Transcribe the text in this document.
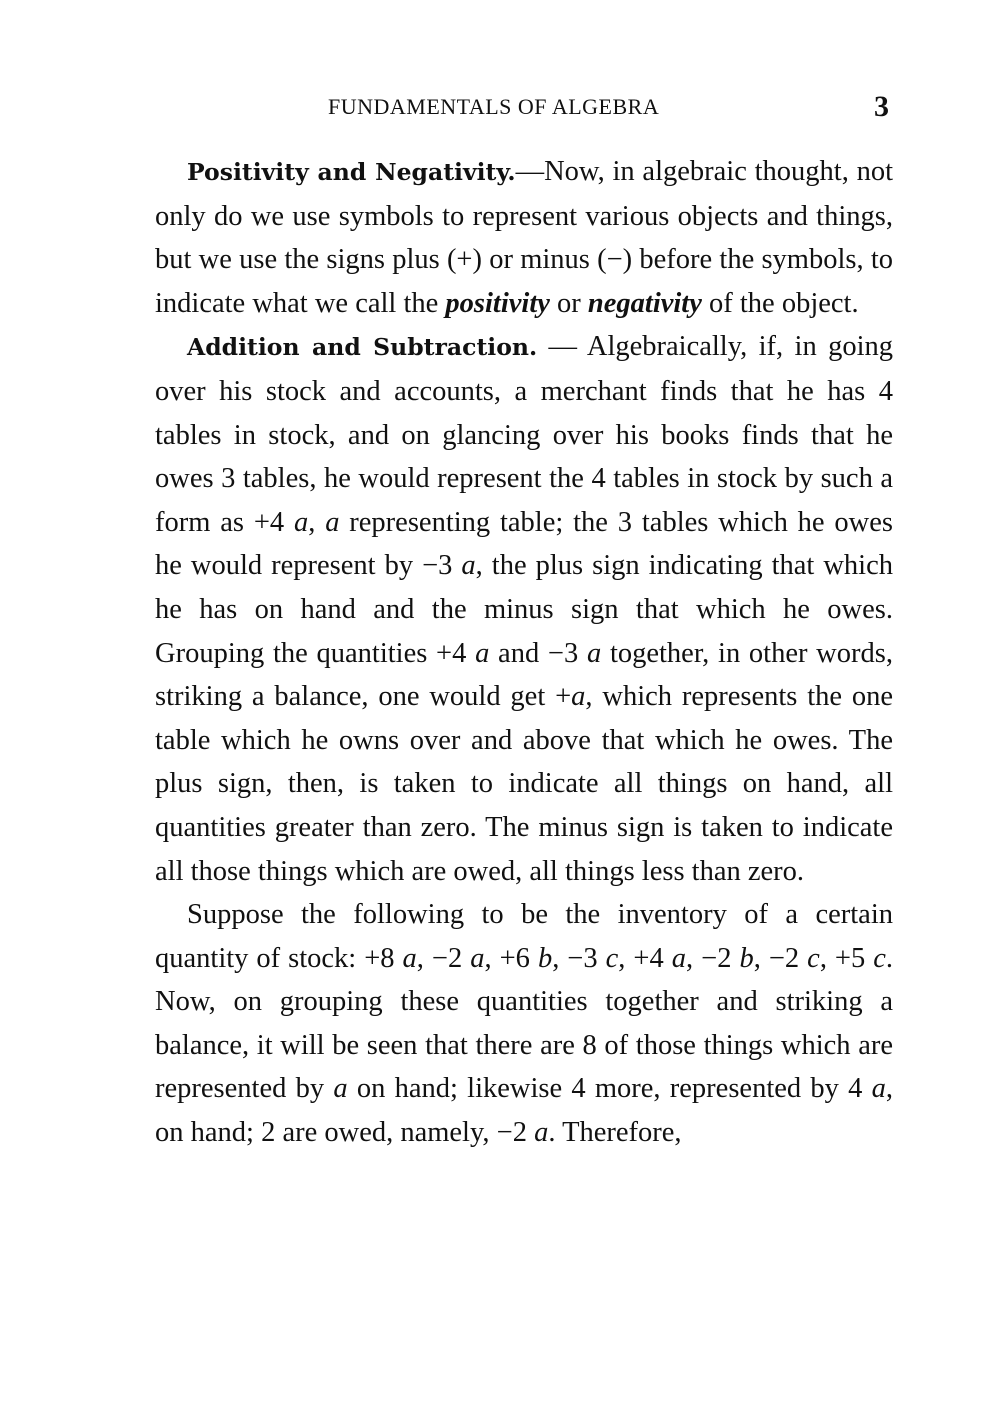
FUNDAMENTALS OF ALGEBRA	3

Positivity and Negativity.—Now, in algebraic thought, not only do we use symbols to represent various objects and things, but we use the signs plus (+) or minus (−) before the symbols, to indicate what we call the positivity or negativity of the object.

Addition and Subtraction. — Algebraically, if, in going over his stock and accounts, a merchant finds that he has 4 tables in stock, and on glancing over his books finds that he owes 3 tables, he would represent the 4 tables in stock by such a form as +4 a, a representing table; the 3 tables which he owes he would represent by −3 a, the plus sign indicating that which he has on hand and the minus sign that which he owes. Grouping the quantities +4 a and −3 a together, in other words, striking a balance, one would get +a, which represents the one table which he owns over and above that which he owes. The plus sign, then, is taken to indicate all things on hand, all quantities greater than zero. The minus sign is taken to indicate all those things which are owed, all things less than zero.

Suppose the following to be the inventory of a certain quantity of stock: +8 a, −2 a, +6 b, −3 c, +4 a, −2 b, −2 c, +5 c. Now, on grouping these quantities together and striking a balance, it will be seen that there are 8 of those things which are represented by a on hand; likewise 4 more, represented by 4 a, on hand; 2 are owed, namely, −2 a. Therefore,
